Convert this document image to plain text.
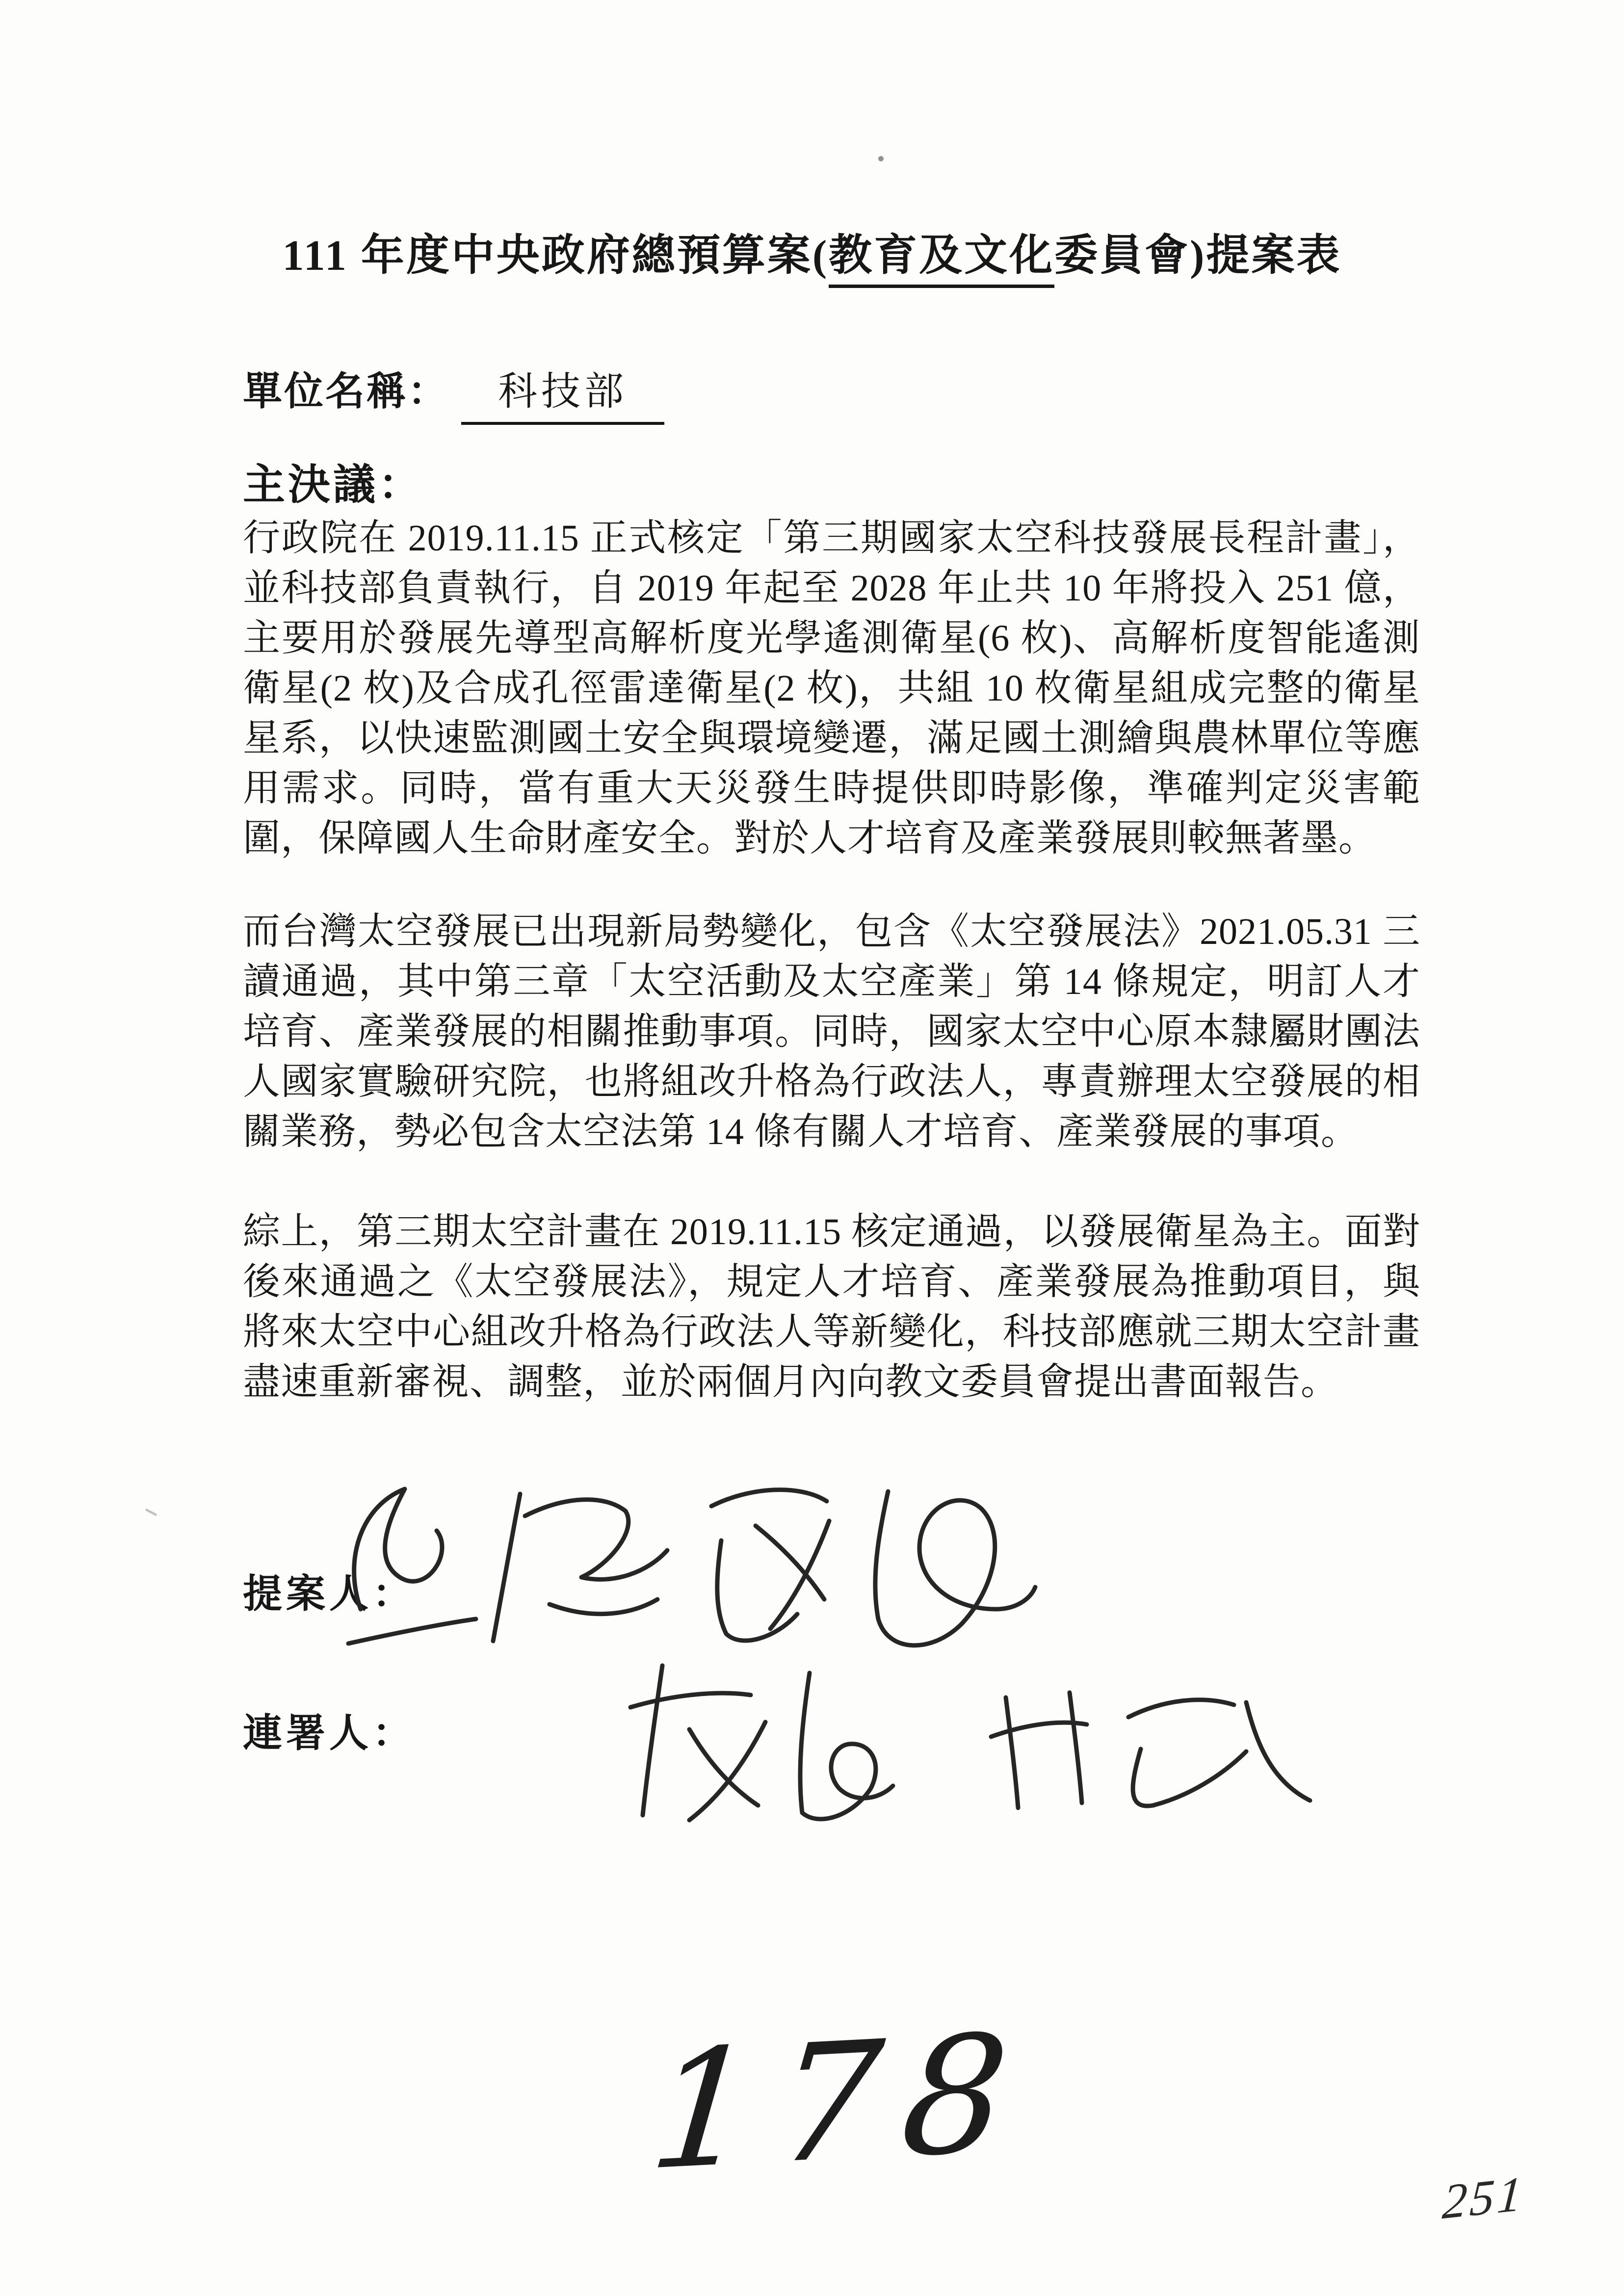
111 年度中央政府總預算案(教育及文化委員會)提案表
單位名稱： 科技部
主決議：

行政院在 2019.11.15 正式核定「第三期國家太空科技發展長程計畫」，並科技部負責執行，自 2019 年起至 2028 年止共 10 年將投入 251 億，主要用於發展先導型高解析度光學遙測衛星(6 枚)、高解析度智能遙測衛星(2 枚)及合成孔徑雷達衛星(2 枚)，共組 10 枚衛星組成完整的衛星星系，以快速監測國土安全與環境變遷，滿足國土測繪與農林單位等應用需求。同時，當有重大天災發生時提供即時影像，準確判定災害範圍，保障國人生命財產安全。對於人才培育及產業發展則較無著墨。

而台灣太空發展已出現新局勢變化，包含《太空發展法》2021.05.31 三讀通過，其中第三章「太空活動及太空產業」第 14 條規定，明訂人才培育、產業發展的相關推動事項。同時，國家太空中心原本隸屬財團法人國家實驗研究院，也將組改升格為行政法人，專責辦理太空發展的相關業務，勢必包含太空法第 14 條有關人才培育、產業發展的事項。

綜上，第三期太空計畫在 2019.11.15 核定通過，以發展衛星為主。面對後來通過之《太空發展法》，規定人才培育、產業發展為推動項目，與將來太空中心組改升格為行政法人等新變化，科技部應就三期太空計畫盡速重新審視、調整，並於兩個月內向教文委員會提出書面報告。

提案人：
連署人：
178	251
